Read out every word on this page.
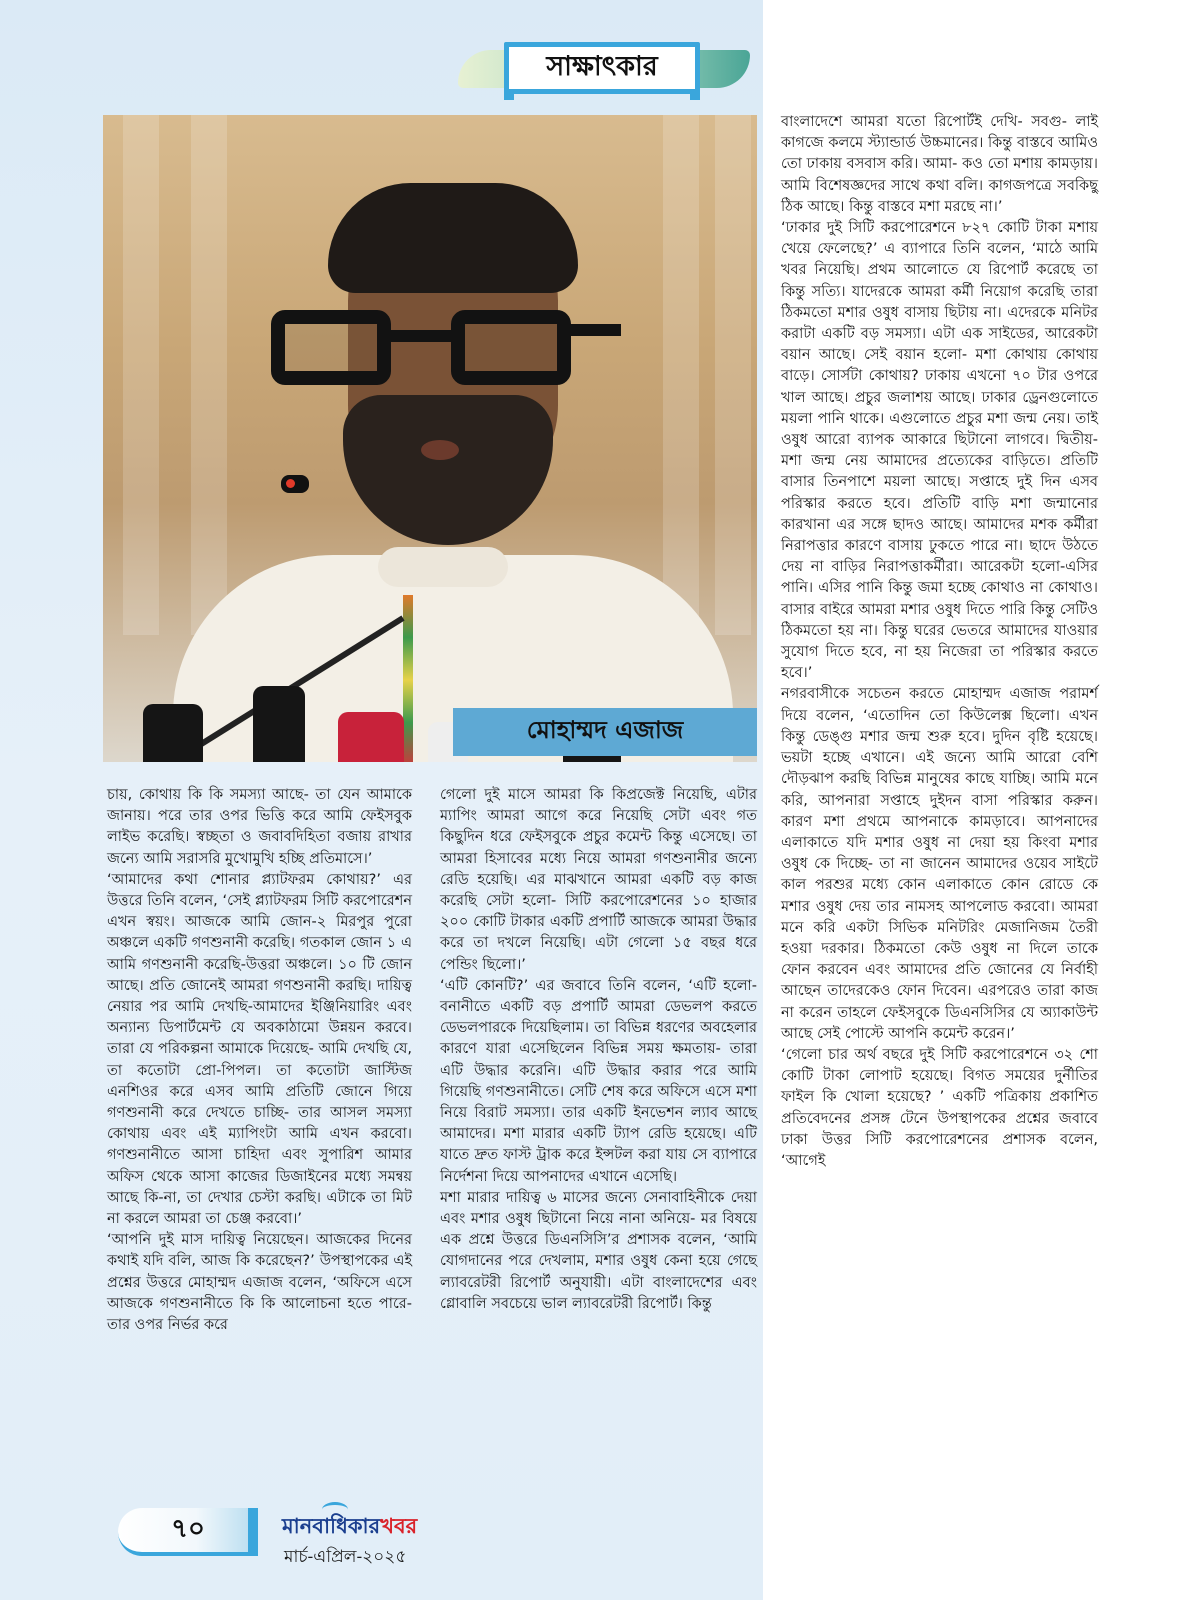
সাক্ষাৎকার
মোহাম্মদ এজাজ

চায়, কোথায় কি কি সমস্যা আছে- তা যেন আমাকে জানায়। পরে তার ওপর ভিত্তি করে আমি ফেইসবুক লাইভ করেছি। স্বচ্ছতা ও জবাবদিহিতা বজায় রাখার জন্যে আমি সরাসরি মুখোমুখি হচ্ছি প্রতিমাসে।’

‘আমাদের কথা শোনার প্ল্যাটফরম কোথায়?’ এর উত্তরে তিনি বলেন, ‘সেই প্ল্যাটফরম সিটি করপোরেশন এখন স্বয়ং। আজকে আমি জোন-২ মিরপুর পুরো অঞ্চলে একটি গণশুনানী করেছি। গতকাল জোন ১ এ আমি গণশুনানী করেছি-উত্তরা অঞ্চলে। ১০ টি জোন আছে। প্রতি জোনেই আমরা গণশুনানী করছি। দায়িত্ব নেয়ার পর আমি দেখছি-আমাদের ইঞ্জিনিয়ারিং এবং অন্যান্য ডিপার্টমেন্ট যে অবকাঠামো উন্নয়ন করবে। তারা যে পরিকল্পনা আমাকে দিয়েছে- আমি দেখছি যে, তা কতোটা প্রো-পিপল। তা কতোটা জাস্টিজ এনশিওর করে এসব আমি প্রতিটি জোনে গিয়ে গণশুনানী করে দেখতে চাচ্ছি- তার আসল সমস্যা কোথায় এবং এই ম্যাপিংটা আমি এখন করবো। গণশুনানীতে আসা চাহিদা এবং সুপারিশ আমার অফিস থেকে আসা কাজের ডিজাইনের মধ্যে সমন্বয় আছে কি-না, তা দেখার চেস্টা করছি। এটাকে তা মিট না করলে আমরা তা চেঞ্জ করবো।’

‘আপনি দুই মাস দায়িত্ব নিয়েছেন। আজকের দিনের কথাই যদি বলি, আজ কি করেছেন?’ উপস্থাপকের এই প্রশ্নের উত্তরে মোহাম্মদ এজাজ বলেন, ‘অফিসে এসে আজকে গণশুনানীতে কি কি আলোচনা হতে পারে-তার ওপর নির্ভর করে

গেলো দুই মাসে আমরা কি কিপ্রজেক্ট নিয়েছি, এটার ম্যাপিং আমরা আগে করে নিয়েছি সেটা এবং গত কিছুদিন ধরে ফেইসবুকে প্রচুর কমেন্ট কিন্তু এসেছে। তা আমরা হিসাবের মধ্যে নিয়ে আমরা গণশুনানীর জন্যে রেডি হয়েছি। এর মাঝখানে আমরা একটি বড় কাজ করেছি সেটা হলো- সিটি করপোরেশনের ১০ হাজার ২০০ কোটি টাকার একটি প্রপার্টি আজকে আমরা উদ্ধার করে তা দখলে নিয়েছি। এটা গেলো ১৫ বছর ধরে পেন্ডিং ছিলো।’

‘এটি কোনটি?’ এর জবাবে তিনি বলেন, ‘এটি হলো-বনানীতে একটি বড় প্রপার্টি আমরা ডেভলপ করতে ডেভলপারকে দিয়েছিলাম। তা বিভিন্ন ধরণের অবহেলার কারণে যারা এসেছিলেন বিভিন্ন সময় ক্ষমতায়- তারা এটি উদ্ধার করেনি। এটি উদ্ধার করার পরে আমি গিয়েছি গণশুনানীতে। সেটি শেষ করে অফিসে এসে মশা নিয়ে বিরাট সমস্যা। তার একটি ইনভেশন ল্যাব আছে আমাদের। মশা মারার একটি ট্যাপ রেডি হয়েছে। এটি যাতে দ্রুত ফাস্ট ট্রাক করে ইন্সটল করা যায় সে ব্যাপারে নির্দেশনা দিয়ে আপনাদের এখানে এসেছি।

মশা মারার দায়িত্ব ৬ মাসের জন্যে সেনাবাহিনীকে দেয়া এবং মশার ওষুধ ছিটানো নিয়ে নানা অনিয়ে- মর বিষয়ে এক প্রশ্নে উত্তরে ডিএনসিসি’র প্রশাসক বলেন, ‘আমি যোগদানের পরে দেখলাম, মশার ওষুধ কেনা হয়ে গেছে ল্যাবরেটরী রিপোর্ট অনুযায়ী। এটা বাংলাদেশের এবং গ্লোবালি সবচেয়ে ভাল ল্যাবরেটরী রিপোর্ট। কিন্তু

বাংলাদেশে আমরা যতো রিপোর্টই দেখি- সবগু- লাই কাগজে কলমে স্ট্যান্ডার্ড উচ্চমানের। কিন্তু বাস্তবে আমিও তো ঢাকায় বসবাস করি। আমা- কও তো মশায় কামড়ায়। আমি বিশেষজ্ঞদের সাথে কথা বলি। কাগজপত্রে সবকিছু ঠিক আছে। কিন্তু বাস্তবে মশা মরছে না।’

‘ঢাকার দুই সিটি করপোরেশনে ৮২৭ কোটি টাকা মশায় খেয়ে ফেলেছে?’ এ ব্যাপারে তিনি বলেন, ‘মাঠে আমি খবর নিয়েছি। প্রথম আলোতে যে রিপোর্ট করেছে তা কিন্তু সত্যি। যাদেরকে আমরা কর্মী নিয়োগ করেছি তারা ঠিকমতো মশার ওষুধ বাসায় ছিটায় না। এদেরকে মনিটর করাটা একটি বড় সমস্যা। এটা এক সাইডের, আরেকটা বয়ান আছে। সেই বয়ান হলো- মশা কোথায় কোথায় বাড়ে। সোর্সটা কোথায়? ঢাকায় এখনো ৭০ টার ওপরে খাল আছে। প্রচুর জলাশয় আছে। ঢাকার ড্রেনগুলোতে ময়লা পানি থাকে। এগুলোতে প্রচুর মশা জন্ম নেয়। তাই ওষুধ আরো ব্যাপক আকারে ছিটানো লাগবে। দ্বিতীয়- মশা জন্ম নেয় আমাদের প্রত্যেকের বাড়িতে। প্রতিটি বাসার তিনপাশে ময়লা আছে। সপ্তাহে দুই দিন এসব পরিস্কার করতে হবে। প্রতিটি বাড়ি মশা জন্মানোর কারখানা এর সঙ্গে ছাদও আছে। আমাদের মশক কর্মীরা নিরাপত্তার কারণে বাসায় ঢুকতে পারে না। ছাদে উঠতে দেয় না বাড়ির নিরাপত্তাকর্মীরা। আরেকটা হলো-এসির পানি। এসির পানি কিন্তু জমা হচ্ছে কোথাও না কোথাও। বাসার বাইরে আমরা মশার ওষুধ দিতে পারি কিন্তু সেটিও ঠিকমতো হয় না। কিন্তু ঘরের ভেতরে আমাদের যাওয়ার সুযোগ দিতে হবে, না হয় নিজেরা তা পরিস্কার করতে হবে।’

নগরবাসীকে সচেতন করতে মোহাম্মদ এজাজ পরামর্শ দিয়ে বলেন, ‘এতোদিন তো কিউলেক্স ছিলো। এখন কিন্তু ডেঙ্গু মশার জন্ম শুরু হবে। দুদিন বৃষ্টি হয়েছে। ভয়টা হচ্ছে এখানে। এই জন্যে আমি আরো বেশি দৌড়ঝাপ করছি বিভিন্ন মানুষের কাছে যাচ্ছি। আমি মনে করি, আপনারা সপ্তাহে দুইদন বাসা পরিস্কার করুন। কারণ মশা প্রথমে আপনাকে কামড়াবে। আপনাদের এলাকাতে যদি মশার ওষুধ না দেয়া হয় কিংবা মশার ওষুধ কে দিচ্ছে- তা না জানেন আমাদের ওয়েব সাইটে কাল পরশুর মধ্যে কোন এলাকাতে কোন রোডে কে মশার ওষুধ দেয় তার নামসহ আপলোড করবো। আমরা মনে করি একটা সিভিক মনিটরিং মেজানিজম তৈরী হওয়া দরকার। ঠিকমতো কেউ ওষুধ না দিলে তাকে ফোন করবেন এবং আমাদের প্রতি জোনের যে নির্বাহী আছেন তাদেরকেও ফোন দিবেন। এরপরেও তারা কাজ না করেন তাহলে ফেইসবুকে ডিএনসিসির যে অ্যাকাউন্ট আছে সেই পোস্টে আপনি কমেন্ট করেন।’

‘গেলো চার অর্থ বছরে দুই সিটি করপোরেশনে ৩২ শো কোটি টাকা লোপাট হয়েছে। বিগত সময়ের দুর্নীতির ফাইল কি খোলা হয়েছে? ’ একটি পত্রিকায় প্রকাশিত প্রতিবেদনের প্রসঙ্গ টেনে উপস্থাপকের প্রশ্নের জবাবে ঢাকা উত্তর সিটি করপোরেশনের প্রশাসক বলেন, ‘আগেই

৭০	মানবাধিকারখবর
মার্চ-এপ্রিল-২০২৫
